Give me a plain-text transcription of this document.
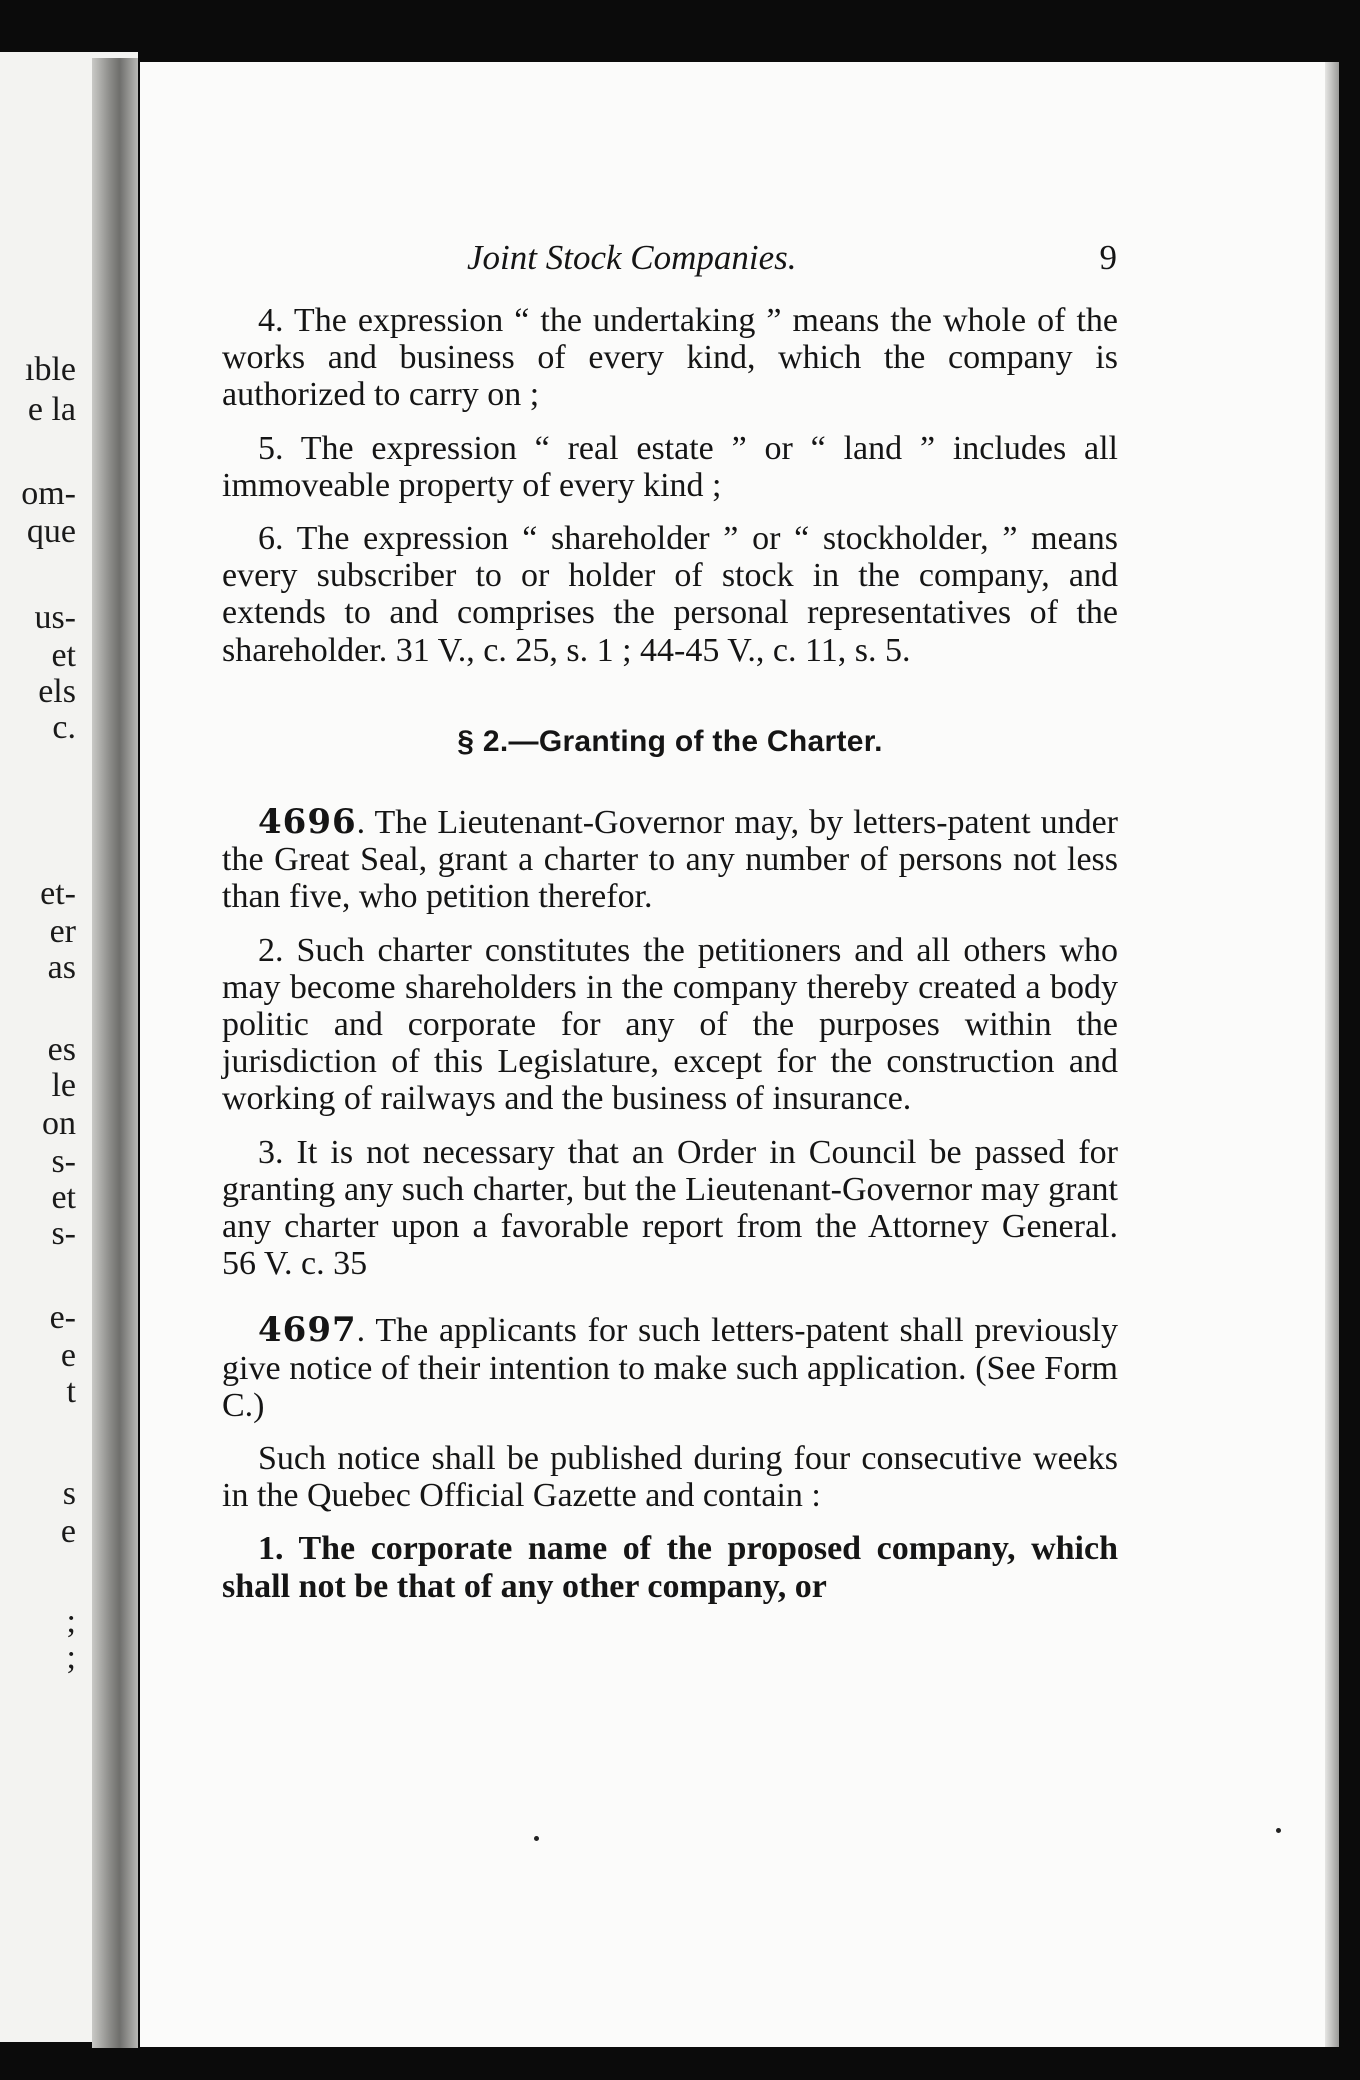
ıble
e la
om-
que
us-
et
els
c.
et-
er
as
es
le
on
s-
et
s-
e-
e
t
s
e
;
;
Joint Stock Companies.	9

4. The expression “ the undertaking ” means the whole of the works and business of every kind, which the company is authorized to carry on ;

5. The expression “ real estate ” or “ land ” includes all immoveable property of every kind ;

6. The expression “ shareholder ” or “ stockholder, ” means every subscriber to or holder of stock in the company, and extends to and comprises the personal representatives of the shareholder. 31 V., c. 25, s. 1 ; 44-45 V., c. 11, s. 5.

§ 2.—Granting of the Charter.

4696. The Lieutenant-Governor may, by letters-patent under the Great Seal, grant a charter to any number of persons not less than five, who petition therefor.

2. Such charter constitutes the petitioners and all others who may become shareholders in the company thereby created a body politic and corporate for any of the purposes within the jurisdiction of this Legislature, except for the construction and working of railways and the business of insurance.

3. It is not necessary that an Order in Council be passed for granting any such charter, but the Lieutenant-Governor may grant any charter upon a favorable report from the Attorney General. 56 V. c. 35

4697. The applicants for such letters-patent shall previously give notice of their intention to make such application. (See Form C.)

Such notice shall be published during four consecutive weeks in the Quebec Official Gazette and contain :

1. The corporate name of the proposed company, which shall not be that of any other company, or
